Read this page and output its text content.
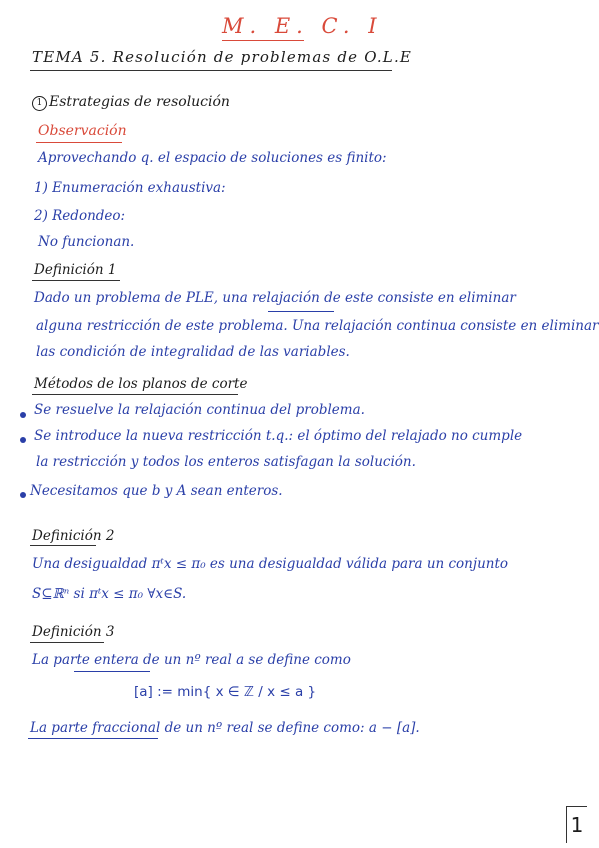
M. E. C. I
TEMA 5. Resolución de problemas de O.L.E
1 Estrategias de resolución
Observación
Aprovechando q. el espacio de soluciones es finito:
1) Enumeración exhaustiva:
2) Redondeo:
No funcionan.
Definición 1
Dado un problema de PLE, una relajación de este consiste en eliminar
alguna restricción de este problema. Una relajación continua consiste en eliminar
las condición de integralidad de las variables.
Métodos de los planos de corte
Se resuelve la relajación continua del problema.
Se introduce la nueva restricción t.q.: el óptimo del relajado no cumple
la restricción y todos los enteros satisfagan la solución.
Necesitamos que b y A sean enteros.
Definición 2
Una desigualdad πᵗx ≤ π₀ es una desigualdad válida para un conjunto
S⊆ℝⁿ si πᵗx ≤ π₀ ∀x∈S.
Definición 3
La parte entera de un nº real a se define como
[a] := min{ x ∈ ℤ / x ≤ a }
La parte fraccional de un nº real se define como: a − [a].
1
